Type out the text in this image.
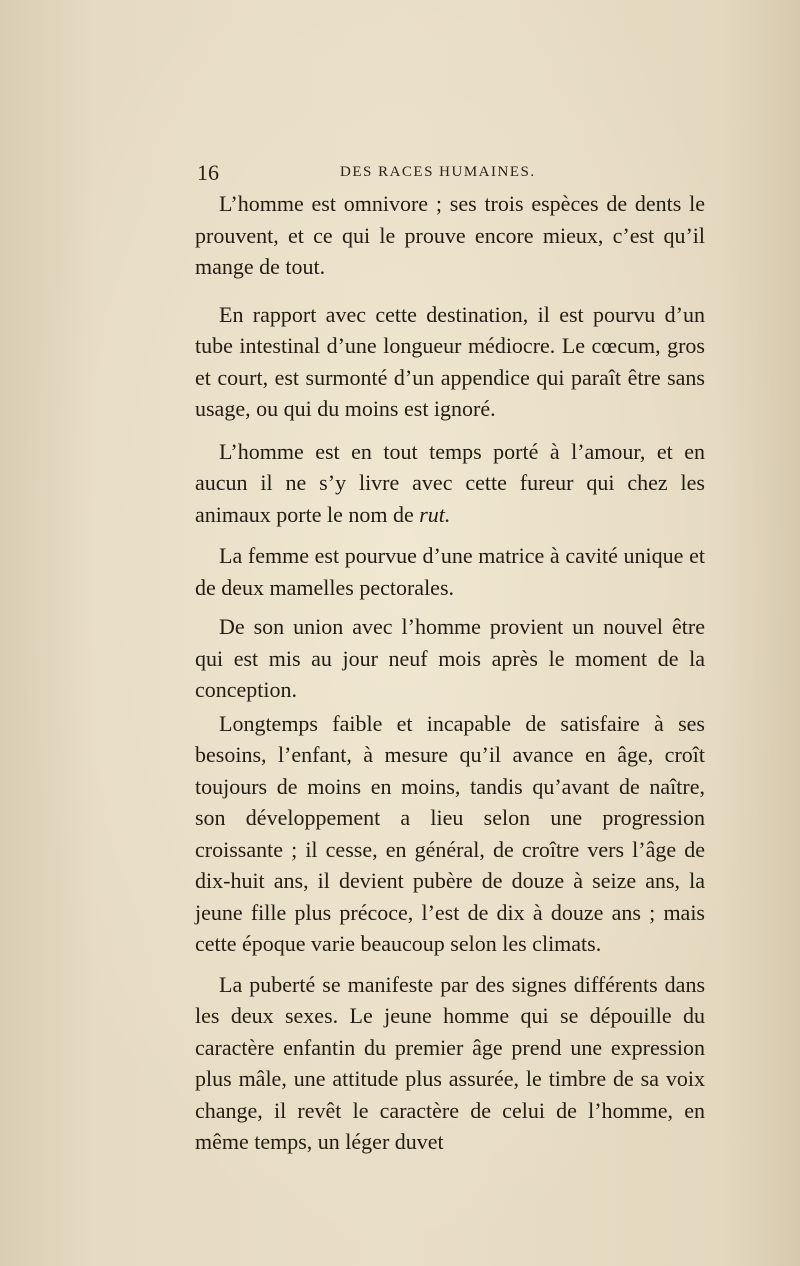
16	DES RACES HUMAINES.

L’homme est omnivore ; ses trois espèces de dents le prouvent, et ce qui le prouve encore mieux, c’est qu’il mange de tout.

En rapport avec cette destination, il est pourvu d’un tube intestinal d’une longueur médiocre. Le cœcum, gros et court, est surmonté d’un appendice qui paraît être sans usage, ou qui du moins est ignoré.

L’homme est en tout temps porté à l’amour, et en aucun il ne s’y livre avec cette fureur qui chez les animaux porte le nom de rut.

La femme est pourvue d’une matrice à cavité unique et de deux mamelles pectorales.

De son union avec l’homme provient un nouvel être qui est mis au jour neuf mois après le moment de la conception.

Longtemps faible et incapable de satisfaire à ses besoins, l’enfant, à mesure qu’il avance en âge, croît toujours de moins en moins, tandis qu’avant de naître, son développement a lieu selon une progression croissante ; il cesse, en général, de croître vers l’âge de dix-huit ans, il devient pubère de douze à seize ans, la jeune fille plus précoce, l’est de dix à douze ans ; mais cette époque varie beaucoup selon les climats.

La puberté se manifeste par des signes différents dans les deux sexes. Le jeune homme qui se dépouille du caractère enfantin du premier âge prend une expression plus mâle, une attitude plus assurée, le timbre de sa voix change, il revêt le caractère de celui de l’homme, en même temps, un léger duvet
